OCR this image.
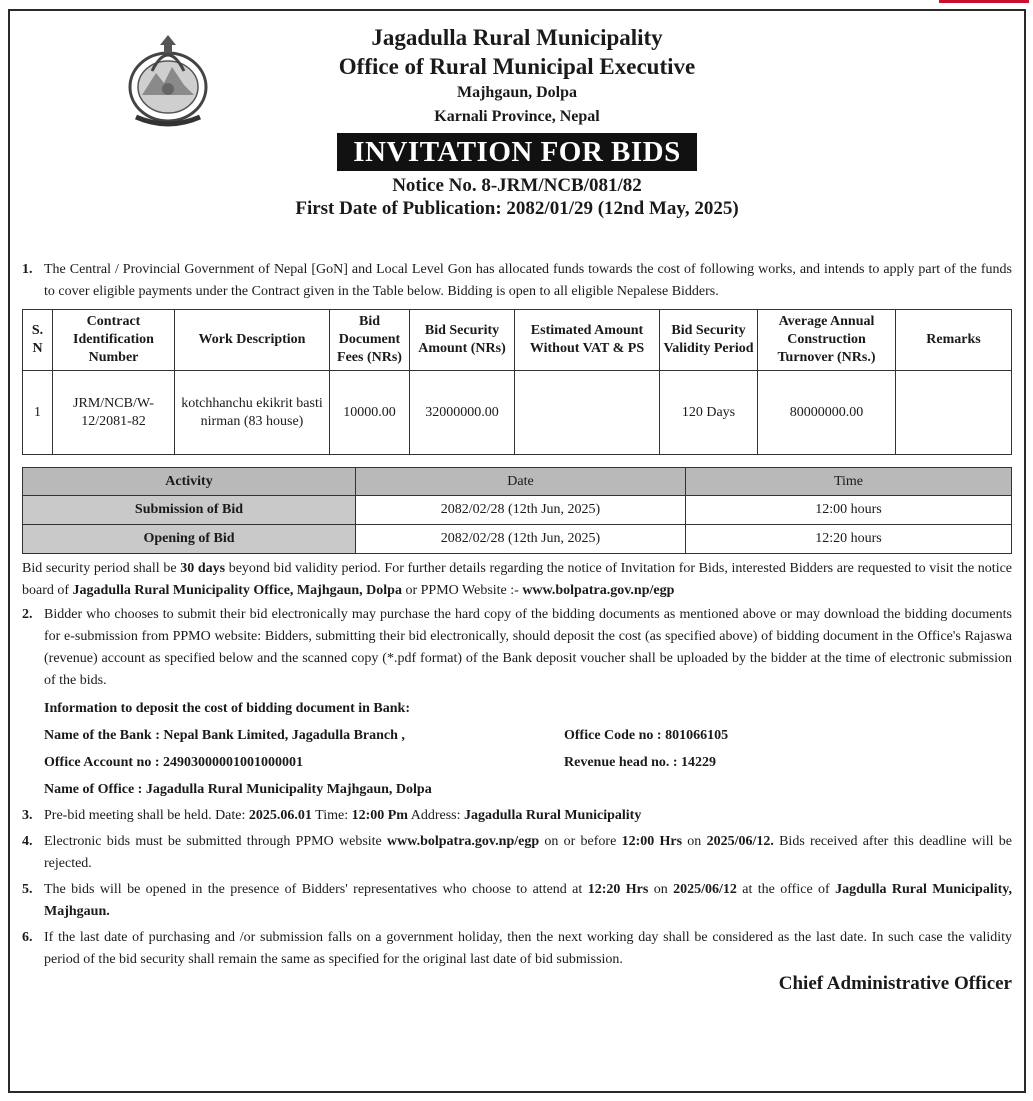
Jagadulla Rural Municipality
Office of Rural Municipal Executive
Majhgaun, Dolpa
Karnali Province, Nepal
INVITATION FOR BIDS
Notice No. 8-JRM/NCB/081/82
First Date of Publication: 2082/01/29 (12nd May, 2025)
1. The Central / Provincial Government of Nepal [GoN] and Local Level Gon has allocated funds towards the cost of following works, and intends to apply part of the funds to cover eligible payments under the Contract given in the Table below. Bidding is open to all eligible Nepalese Bidders.
S. N	Contract Identification Number	Work Description	Bid Document Fees (NRs)	Bid Security Amount (NRs)	Estimated Amount Without VAT & PS	Bid Security Validity Period	Average Annual Construction Turnover (NRs.)	Remarks
1	JRM/NCB/W-12/2081-82	kotchhanchu ekikrit basti nirman (83 house)	10000.00	32000000.00		120 Days	80000000.00	
Activity	Date	Time
Submission of Bid	2082/02/28 (12th Jun, 2025)	12:00 hours
Opening of Bid	2082/02/28 (12th Jun, 2025)	12:20 hours
Bid security period shall be 30 days beyond bid validity period. For further details regarding the notice of Invitation for Bids, interested Bidders are requested to visit the notice board of Jagadulla Rural Municipality Office, Majhgaun, Dolpa or PPMO Website :- www.bolpatra.gov.np/egp
2. Bidder who chooses to submit their bid electronically may purchase the hard copy of the bidding documents as mentioned above or may download the bidding documents for e-submission from PPMO website: Bidders, submitting their bid electronically, should deposit the cost (as specified above) of bidding document in the Office's Rajaswa (revenue) account as specified below and the scanned copy (*.pdf format) of the Bank deposit voucher shall be uploaded by the bidder at the time of electronic submission of the bids.
Information to deposit the cost of bidding document in Bank:
Name of the Bank : Nepal Bank Limited, Jagadulla Branch ,	Office Code no : 801066105
Office Account no : 24903000001001000001	Revenue head no. : 14229
Name of Office : Jagadulla Rural Municipality Majhgaun, Dolpa
3. Pre-bid meeting shall be held. Date: 2025.06.01 Time: 12:00 Pm Address: Jagadulla Rural Municipality
4. Electronic bids must be submitted through PPMO website www.bolpatra.gov.np/egp on or before 12:00 Hrs on 2025/06/12. Bids received after this deadline will be rejected.
5. The bids will be opened in the presence of Bidders' representatives who choose to attend at 12:20 Hrs on 2025/06/12 at the office of Jagdulla Rural Municipality, Majhgaun.
6. If the last date of purchasing and /or submission falls on a government holiday, then the next working day shall be considered as the last date. In such case the validity period of the bid security shall remain the same as specified for the original last date of bid submission.
Chief Administrative Officer
